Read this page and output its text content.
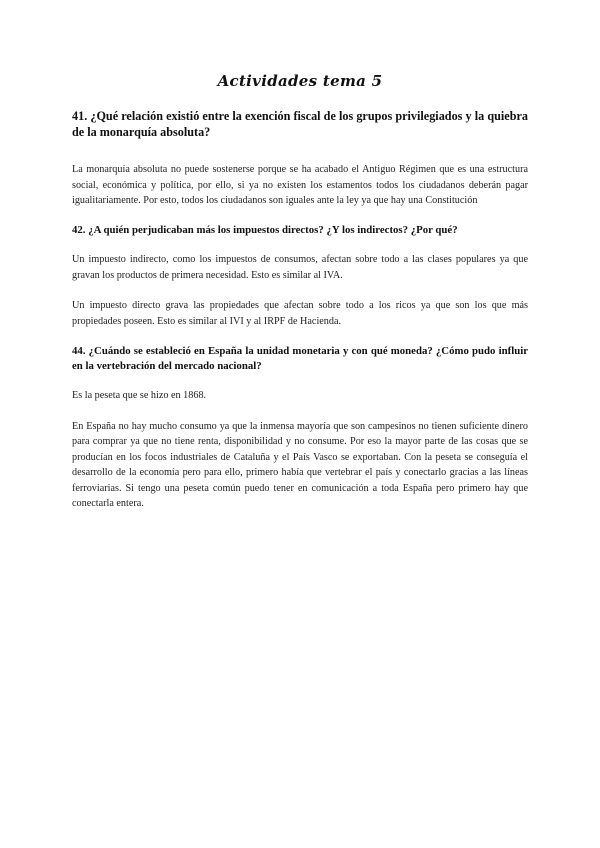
Actividades tema 5

41. ¿Qué relación existió entre la exención fiscal de los grupos privilegiados y la quiebra de la monarquía absoluta?

La monarquía absoluta no puede sostenerse porque se ha acabado el Antiguo Régimen que es una estructura social, económica y política, por ello, si ya no existen los estamentos todos los ciudadanos deberán pagar igualitariamente. Por esto, todos los ciudadanos son iguales ante la ley ya que hay una Constitución

42. ¿A quién perjudicaban más los impuestos directos? ¿Y los indirectos? ¿Por qué?

Un impuesto indirecto, como los impuestos de consumos, afectan sobre todo a las clases populares ya que gravan los productos de primera necesidad. Esto es similar al IVA.

Un impuesto directo grava las propiedades que afectan sobre todo a los ricos ya que son los que más propiedades poseen. Esto es similar al IVI y al IRPF de Hacienda.

44. ¿Cuándo se estableció en España la unidad monetaria y con qué moneda? ¿Cómo pudo influir en la vertebración del mercado nacional?

Es la peseta que se hizo en 1868.

En España no hay mucho consumo ya que la inmensa mayoría que son campesinos no tienen suficiente dinero para comprar ya que no tiene renta, disponibilidad y no consume. Por eso la mayor parte de las cosas que se producían en los focos industriales de Cataluña y el País Vasco se exportaban. Con la peseta se conseguía el desarrollo de la economía pero para ello, primero había que vertebrar el país y conectarlo gracias a las líneas ferroviarias. Si tengo una peseta común puedo tener en comunicación a toda España pero primero hay que conectarla entera.
